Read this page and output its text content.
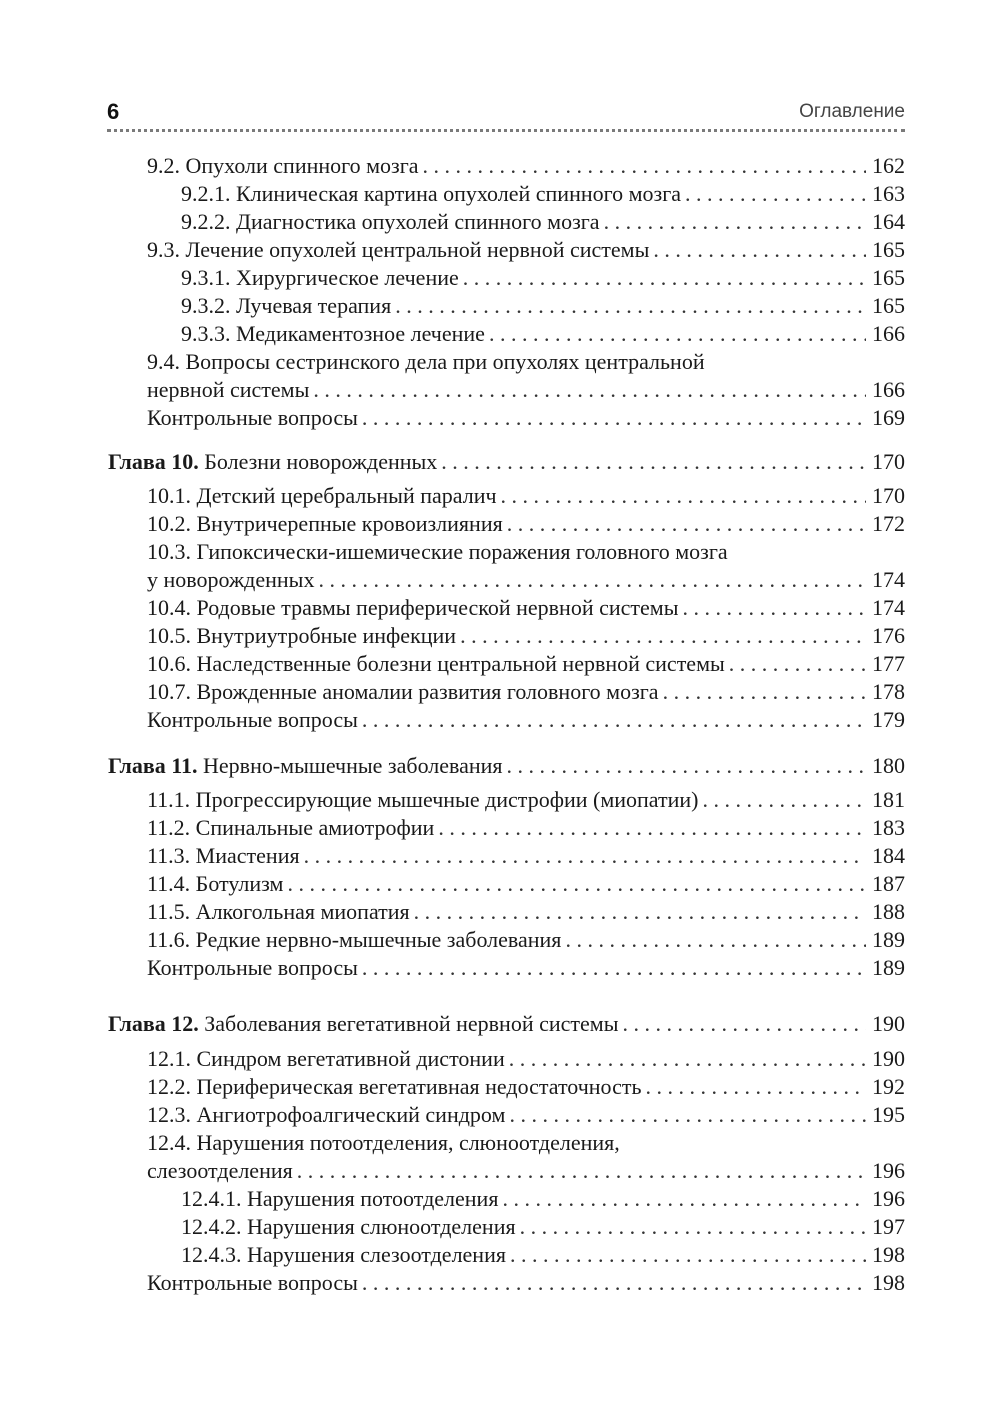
6	Оглавление
9.2. Опухоли спинного мозга . . .	162
9.2.1. Клиническая картина опухолей спинного мозга . . .	163
9.2.2. Диагностика опухолей спинного мозга . . .	164
9.3. Лечение опухолей центральной нервной системы . . .	165
9.3.1. Хирургическое лечение . . .	165
9.3.2. Лучевая терапия . . .	165
9.3.3. Медикаментозное лечение . . .	166
9.4. Вопросы сестринского дела при опухолях центральной
нервной системы . . .	166
Контрольные вопросы . . .	169
Глава 10. Болезни новорожденных . . .	170
10.1. Детский церебральный паралич . . .	170
10.2. Внутричерепные кровоизлияния . . .	172
10.3. Гипоксически-ишемические поражения головного мозга
у новорожденных . . .	174
10.4. Родовые травмы периферической нервной системы . . .	174
10.5. Внутриутробные инфекции . . .	176
10.6. Наследственные болезни центральной нервной системы . . .	177
10.7. Врожденные аномалии развития головного мозга . . .	178
Контрольные вопросы . . .	179
Глава 11. Нервно-мышечные заболевания . . .	180
11.1. Прогрессирующие мышечные дистрофии (миопатии) . . .	181
11.2. Спинальные амиотрофии . . .	183
11.3. Миастения . . .	184
11.4. Ботулизм . . .	187
11.5. Алкогольная миопатия . . .	188
11.6. Редкие нервно-мышечные заболевания . . .	189
Контрольные вопросы . . .	189
Глава 12. Заболевания вегетативной нервной системы . . .	190
12.1. Синдром вегетативной дистонии . . .	190
12.2. Периферическая вегетативная недостаточность . . .	192
12.3. Ангиотрофоалгический синдром . . .	195
12.4. Нарушения потоотделения, слюноотделения,
слезоотделения . . .	196
12.4.1. Нарушения потоотделения . . .	196
12.4.2. Нарушения слюноотделения . . .	197
12.4.3. Нарушения слезоотделения . . .	198
Контрольные вопросы . . .	198
